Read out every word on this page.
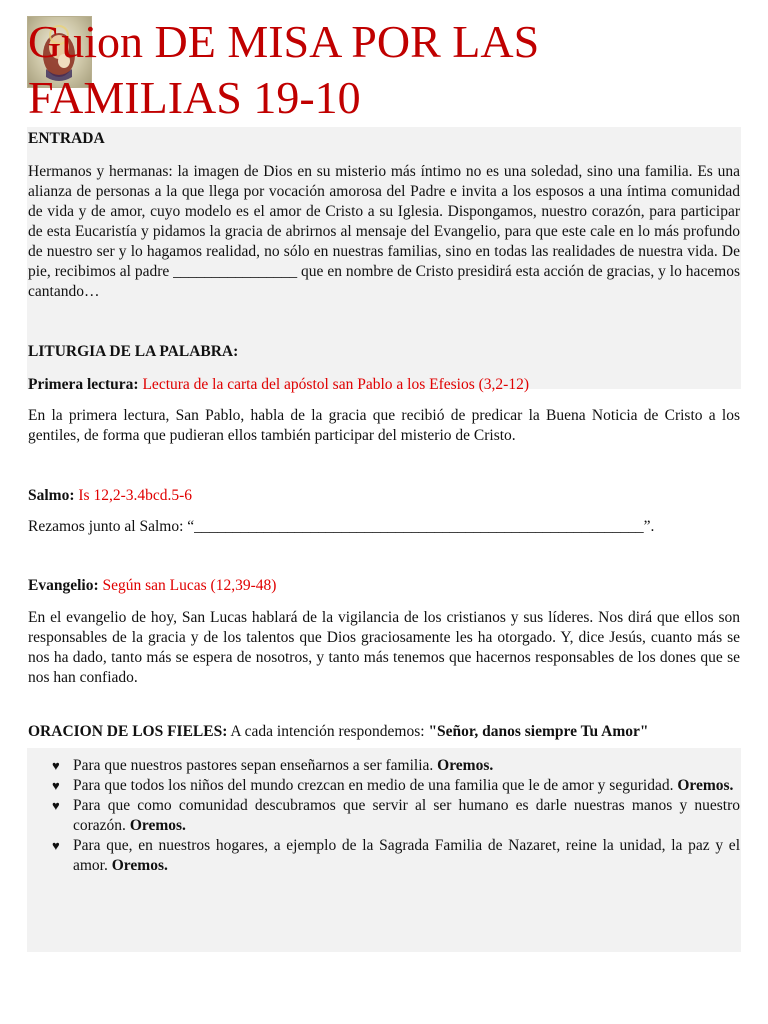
Guion DE MISA POR LAS FAMILIAS 19-10

ENTRADA

Hermanos y hermanas: la imagen de Dios en su misterio más íntimo no es una soledad, sino una familia. Es una alianza de personas a la que llega por vocación amorosa del Padre e invita a los esposos a una íntima comunidad de vida y de amor, cuyo modelo es el amor de Cristo a su Iglesia. Dispongamos, nuestro corazón, para participar de esta Eucaristía y pidamos la gracia de abrirnos al mensaje del Evangelio, para que este cale en lo más profundo de nuestro ser y lo hagamos realidad, no sólo en nuestras familias, sino en todas las realidades de nuestra vida. De pie, recibimos al padre ________________ que en nombre de Cristo presidirá esta acción de gracias, y lo hacemos cantando…

LITURGIA DE LA PALABRA:

Primera lectura: Lectura de la carta del apóstol san Pablo a los Efesios (3,2-12)

En la primera lectura, San Pablo, habla de la gracia que recibió de predicar la Buena Noticia de Cristo a los gentiles, de forma que pudieran ellos también participar del misterio de Cristo.

Salmo: Is 12,2-3.4bcd.5-6

Rezamos junto al Salmo: “__________________________________________________________”.

Evangelio: Según san Lucas (12,39-48)

En el evangelio de hoy, San Lucas hablará de la vigilancia de los cristianos y sus líderes. Nos dirá que ellos son responsables de la gracia y de los talentos que Dios graciosamente les ha otorgado. Y, dice Jesús, cuanto más se nos ha dado, tanto más se espera de nosotros, y tanto más tenemos que hacernos responsables de los dones que se nos han confiado.

ORACION DE LOS FIELES: A cada intención respondemos: "Señor, danos siempre Tu Amor"

♥ Para que nuestros pastores sepan enseñarnos a ser familia. Oremos.
♥ Para que todos los niños del mundo crezcan en medio de una familia que le de amor y seguridad. Oremos.
♥ Para que como comunidad descubramos que servir al ser humano es darle nuestras manos y nuestro corazón. Oremos.
♥ Para que, en nuestros hogares, a ejemplo de la Sagrada Familia de Nazaret, reine la unidad, la paz y el amor. Oremos.
